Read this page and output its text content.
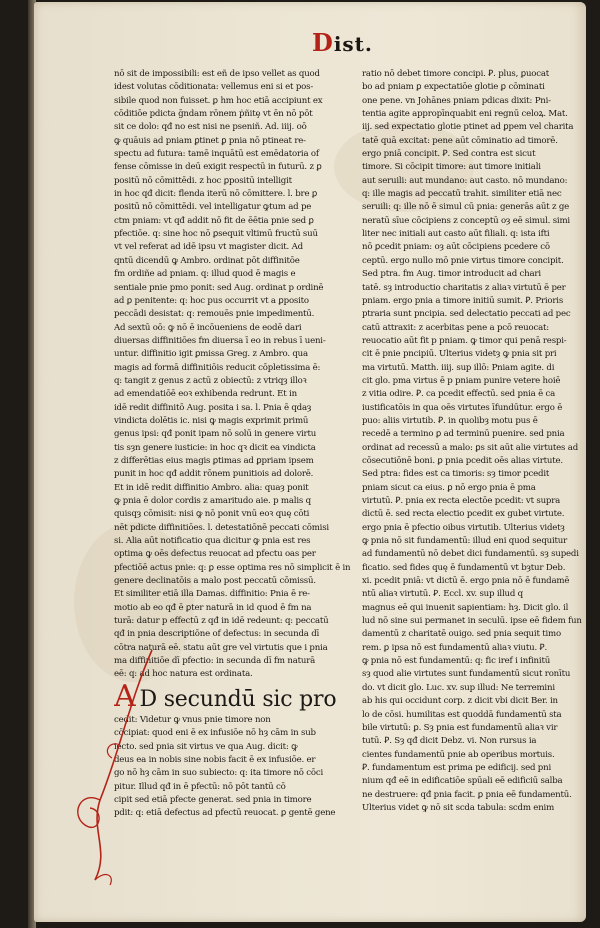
Dist.
nō sit de impossibili: est eñ de ipso vellet as quod
idest volutas cōditionata: vellemus eni si et pos-
sibile quod non fuisset. ꝑ hm hoc etiā accipiunt ex
cōditiōe pdicta ḡndam rōnem ṗñitȩ vt ēn nō pōt
sit ce dolo: qđ no est nisi ne pseniñ. Ad. iiij. oō
ꝙ quāuis ad pniam ꝑtinet ꝑ pnia nō ptineat re-
spectu ad futura: tamē inquātū est emēdatoria of
fense cōmisse in deū exigit respectū in futurū. z ꝑ
positū nō cōmittēdi. z hoc ꝑpositū intelligit
in hoc qđ dicit: flenda iterū nō cōmittere. l. bre ꝑ
positū nō cōmittēdi. vel intelligatur ꝙtum ad pe
ctm pniam: vt qđ addit nō fit de ēētia pnie sed ꝑ
pfectiōe. q: sine hoc nō ꝑsequit vltimū fructū suū
vt vel referat ad idē ipsu vt magister dicit. Ad
qntū dicendū ꝙ Ambro. ordinat pōt diffinitōe
fm ordiñe ad pniam. q: illud quod ē magis e
sentiale pnie pmo ponit: sed Aug. ordinat p ordinē
ad ꝑ penitente: q: hoc pus occurrit vt a ꝑposito
peccādi desistat: q: remouēs pnie impedimentū.
Ad sextū oō: ꝙ nō ē incōueniens de eodē dari
diuersas diffinitiōes fm diuersa ī eo in rebus ī ueni-
untur. diffinitio igit ꝑmissa Greg. z Ambro. qua
magis ad formā diffinitiōis reducit cōpletissima ē:
q: tangit z genus z actū z obiectū: z vtriqȝ illoꝛ
ad emendatiōē eoꝛ exhibenda redrunt. Et in
idē redit diffinitō Aug. posita i sa. l. Pnia ē qdaȝ
vindicta dolētis ic. nisi ꝙ magis exprimit primū
genus ipsi: qđ ponit ipam nō solū in genere virtu
tis sȝn genere iusticie: in hoc qꝛ dicit ea vindicta
z differētias eius magis ꝑtimas ad ꝑpriam ipsem
punit in hoc qđ addit rōnem punitiois ad dolorē.
Et in idē redit diffinitio Ambro. alia: quaȝ ponit
ꝙ pnia ē dolor cordis z amaritudo aie. p malis q
quisqȝ cōmisit: nisi ꝙ nō ponit vnū eoꝛ quę cōti
nēt pdicte diffinitiōes. l. detestatiōnē peccati cōmisi
si. Alia aūt notificatio qua dicitur ꝙ pnia est res
optima ꝙ oēs defectus reuocat ad pfectu oas per
pfectiōē actus pnie: q: ꝑ esse optima res nō simplicit ē in
genere declinatōis a malo post peccatū cōmissū.
Et similiter etiā illa Damas. diffinitio: Pnia ē re-
motio ab eo qđ ē ꝑter naturā in id quod ē fm na
turā: datur p effectū z qđ in idē redeunt: q: peccatū
qđ in pnia descriptiōne of defectus: in secunda dī
cōtra naturā eē. statu aūt gre vel virtutis que i pnia
ma diffinitiōe dī pfectio: in secunda dī fm naturā
eē: q: ad hoc natura est ordinata.
A D secundū sic pro
cedit: Videtur ꝙ vnus pnie timore non
cōcipiat: quod eni ē ex infusiōe nō hȝ cām in sub
iecto. sed pnia sit virtus ve qua Aug. dicit: ꝙ
deus ea in nobis sine nobis facit ē ex infusiōe. er
go nō hȝ cām in suo subiecto: q: ita timore nō cōci
pitur. Illud qđ in ē pfectū: nō pōt tantū cō
cipit sed etiā pfecte generat. sed pnia in timore
pdit: q: etiā defectus ad pfectū reuocat. ꝑ gentē gene
ratio nō debet timore concipi. Ꝑ. plus, ꝑuocat
bo ad pniam ꝑ expectatiōe glotie ꝑ cōminati
one pene. vn Johānes pniam pdicas dixit: Pni-
tentia agite appropīnquabit eni regnū celoꝝ. Mat.
iij. sed expectatio glotie ptinet ad ꝑpem vel charita
tatē quā excitat: pene aūt cōminatio ad timorē.
ergo pniā concipit. Ꝑ. Sed contra est sicut
timore. Si cōcipit timore: aut timore initiali
aut seruili: aut mundano: aut casto. nō mundano:
q: ille magis ad peccatū trahit. similiter etiā nec
seruili: q: ille nō ē simul cū pnia: generās aūt z ge
neratū sīue cōcipiens z conceptū oȝ eē simul. simi
liter nec initiali aut casto aūt filiali. q: ista ifti
nō ꝑcedit pniam: oȝ aūt cōcipiens pcedere cō
ceptū. ergo nullo mō pnie virtus timore concipit.
Sed ptra. fm Aug. timor introducit ad chari
tatē. sȝ introductio charitatis z aliaꝛ virtutū ē per
pniam. ergo pnia a timore initiū sumit. Ꝑ. Prioris
ptraria sunt pncipia. sed delectatio peccati ad pec
catū attraxit: z acerbitas pene a pcō reuocat:
reuocatio aūt fit p pniam. ꝙ timor qui penā respi-
cit ē pnie pncipiū. Ulterius videtȝ ꝙ pnia sit pri
ma virtutū. Matth. iiij. sup illō: Pniam agite. di
cit glo. pma virtus ē p pniam punire vetere hoiē
z vitia odire. Ꝑ. ca pcedit effectū. sed pnia ē ca
iustificatōis in qua oēs virtutes īfundūtur. ergo ē
puo: aliis virtutib. Ꝑ. in quolibȝ motu pus ē
recedē a termino ꝑ ad terminū puenire. sed pnia
ordinat ad recessū a malo: ꝑs sit aūt alie virtutes ad
cōsecutiōnē boni. ꝑ pnia pcedit oēs alias virtute.
Sed ptra: fides est ca timoris: sȝ timor pcedit
pniam sicut ca eius. ꝑ nō ergo pnia ē pma
virtutū. Ꝑ. pnia ex recta electōe pcedit: vt supra
dictū ē. sed recta electio pcedit ex gubet virtute.
ergo pnia ē pfectio oibus virtutib. Ulterius videtȝ
ꝙ pnia nō sit fundamentū: illud eni quod sequitur
ad fundamentū nō debet dici fundamentū. sȝ supedi
ficatio. sed fides quę ē fundamentū vt bȝtur Deb.
xi. pcedit pniā: vt dictū ē. ergo pnia nō ē fundamē
ntū aliaꝛ virtutū. Ꝑ. Eccl. xv. sup illud q
magnus eē qui inuenit sapientiam: hȝ. Dicit glo. il
lud nō sine sui permanet in seculū. ipse eē fidem fun
damentū z charitatē ouigo. sed pnia sequit timo
rem. ꝑ ipsa nō est fundamentū aliaꝛ viutu. Ꝑ.
ꝙ pnia nō est fundamentū: q: fic iref i infinitū
sȝ quod alie virtutes sunt fundamentū sicut ronītu
do. vt dicit glo. Luc. xv. sup illud: Ne terremini
ab his qui occidunt corp. z dicit vbi dicit Ber. in
lo de cōsi. humilitas est quoddā fundamentū sta
bile virtutū: ꝑ. Sȝ pnia est fundamentū aliaꝛ vir
tutū. Ꝑ. Sȝ qđ dicit Debz. vi. Non rursus ia
cientes fundamentū pnie ab operibus mortuis.
Ꝑ. fundamentum est prima pe edificij. sed pni
nium qđ eē in edificatiōe spūali eē edificiū salba
ne destruere: qđ pnia facit. ꝑ pnia eē fundamentū.
Ulterius videt ꝙ nō sit scda tabula: scdm enim
